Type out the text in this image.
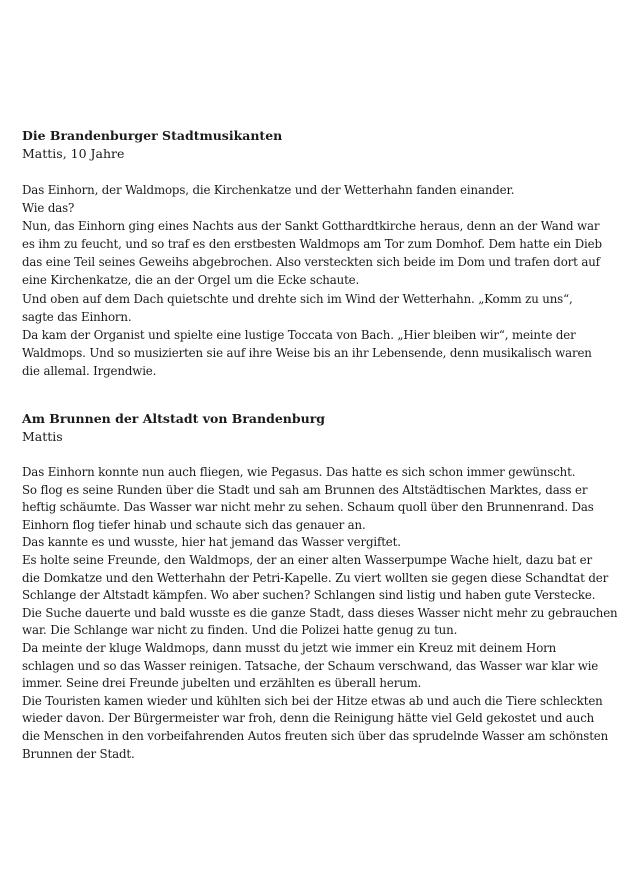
Die Brandenburger Stadtmusikanten

Mattis, 10 Jahre

Das Einhorn, der Waldmops, die Kirchenkatze und der Wetterhahn fanden einander.

Wie das?

Nun, das Einhorn ging eines Nachts aus der Sankt Gotthardtkirche heraus, denn an der Wand war

es ihm zu feucht, und so traf es den erstbesten Waldmops am Tor zum Domhof. Dem hatte ein Dieb

das eine Teil seines Geweihs abgebrochen. Also versteckten sich beide im Dom und trafen dort auf

eine Kirchenkatze, die an der Orgel um die Ecke schaute.

Und oben auf dem Dach quietschte und drehte sich im Wind der Wetterhahn. „Komm zu uns“,

sagte das Einhorn.

Da kam der Organist und spielte eine lustige Toccata von Bach. „Hier bleiben wir“, meinte der

Waldmops. Und so musizierten sie auf ihre Weise bis an ihr Lebensende, denn musikalisch waren

die allemal. Irgendwie.

Am Brunnen der Altstadt von Brandenburg

Mattis

Das Einhorn konnte nun auch fliegen, wie Pegasus. Das hatte es sich schon immer gewünscht.

So flog es seine Runden über die Stadt und sah am Brunnen des Altstädtischen Marktes, dass er

heftig schäumte. Das Wasser war nicht mehr zu sehen. Schaum quoll über den Brunnenrand. Das

Einhorn flog tiefer hinab und schaute sich das genauer an.

Das kannte es und wusste, hier hat jemand das Wasser vergiftet.

Es holte seine Freunde, den Waldmops, der an einer alten Wasserpumpe Wache hielt, dazu bat er

die Domkatze und den Wetterhahn der Petri-Kapelle. Zu viert wollten sie gegen diese Schandtat der

Schlange der Altstadt kämpfen. Wo aber suchen? Schlangen sind listig und haben gute Verstecke.

Die Suche dauerte und bald wusste es die ganze Stadt, dass dieses Wasser nicht mehr zu gebrauchen

war. Die Schlange war nicht zu finden. Und die Polizei hatte genug zu tun.

Da meinte der kluge Waldmops, dann musst du jetzt wie immer ein Kreuz mit deinem Horn

schlagen und so das Wasser reinigen. Tatsache, der Schaum verschwand, das Wasser war klar wie

immer. Seine drei Freunde jubelten und erzählten es überall herum.

Die Touristen kamen wieder und kühlten sich bei der Hitze etwas ab und auch die Tiere schleckten

wieder davon. Der Bürgermeister war froh, denn die Reinigung hätte viel Geld gekostet und auch

die Menschen in den vorbeifahrenden Autos freuten sich über das sprudelnde Wasser am schönsten

Brunnen der Stadt.
